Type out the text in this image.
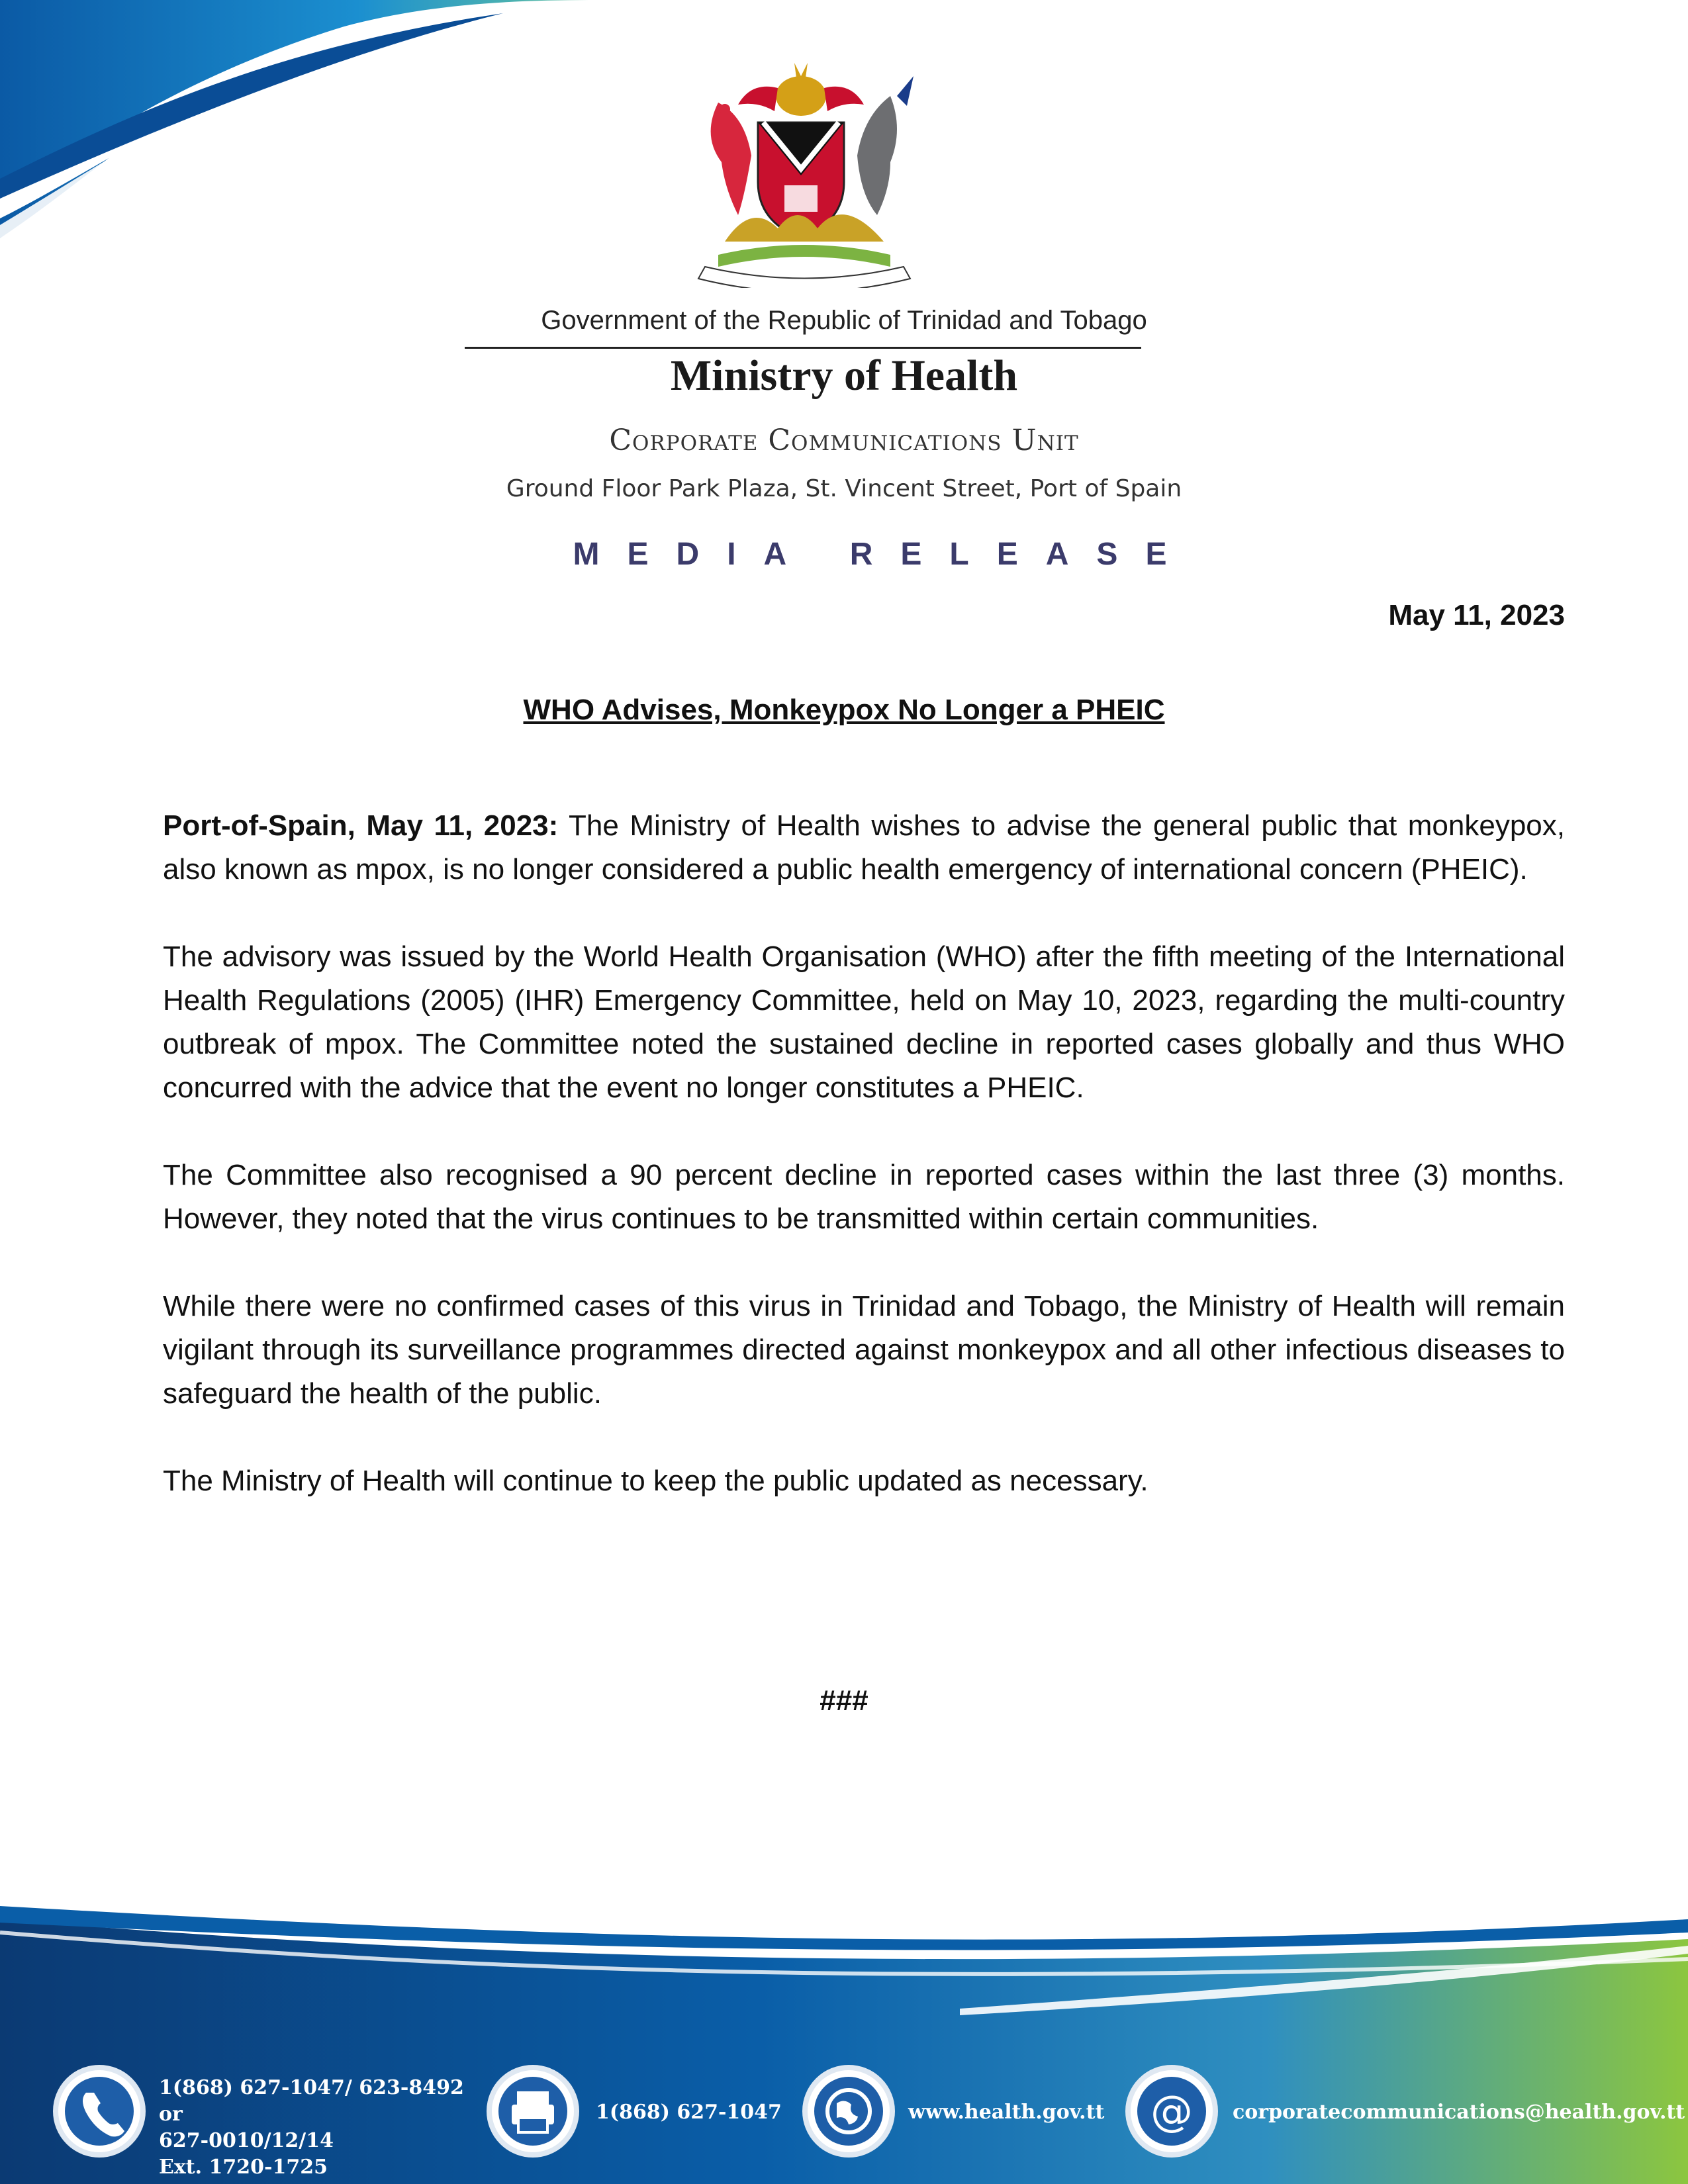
Government of the Republic of Trinidad and Tobago
Ministry of Health
Corporate Communications Unit
Ground Floor Park Plaza, St. Vincent Street, Port of Spain
MEDIA RELEASE
May 11, 2023
WHO Advises, Monkeypox No Longer a PHEIC

Port-of-Spain, May 11, 2023: The Ministry of Health wishes to advise the general public that monkeypox, also known as mpox, is no longer considered a public health emergency of international concern (PHEIC).

The advisory was issued by the World Health Organisation (WHO) after the fifth meeting of the International Health Regulations (2005) (IHR) Emergency Committee, held on May 10, 2023, regarding the multi-country outbreak of mpox. The Committee noted the sustained decline in reported cases globally and thus WHO concurred with the advice that the event no longer constitutes a PHEIC.

The Committee also recognised a 90 percent decline in reported cases within the last three (3) months. However, they noted that the virus continues to be transmitted within certain communities.

While there were no confirmed cases of this virus in Trinidad and Tobago, the Ministry of Health will remain vigilant through its surveillance programmes directed against monkeypox and all other infectious diseases to safeguard the health of the public.

The Ministry of Health will continue to keep the public updated as necessary.

###
1(868) 627-1047/ 623-8492 or
627-0010/12/14
Ext. 1720-1725
1(868) 627-1047	www.health.gov.tt @ corporatecommunications@health.gov.tt
